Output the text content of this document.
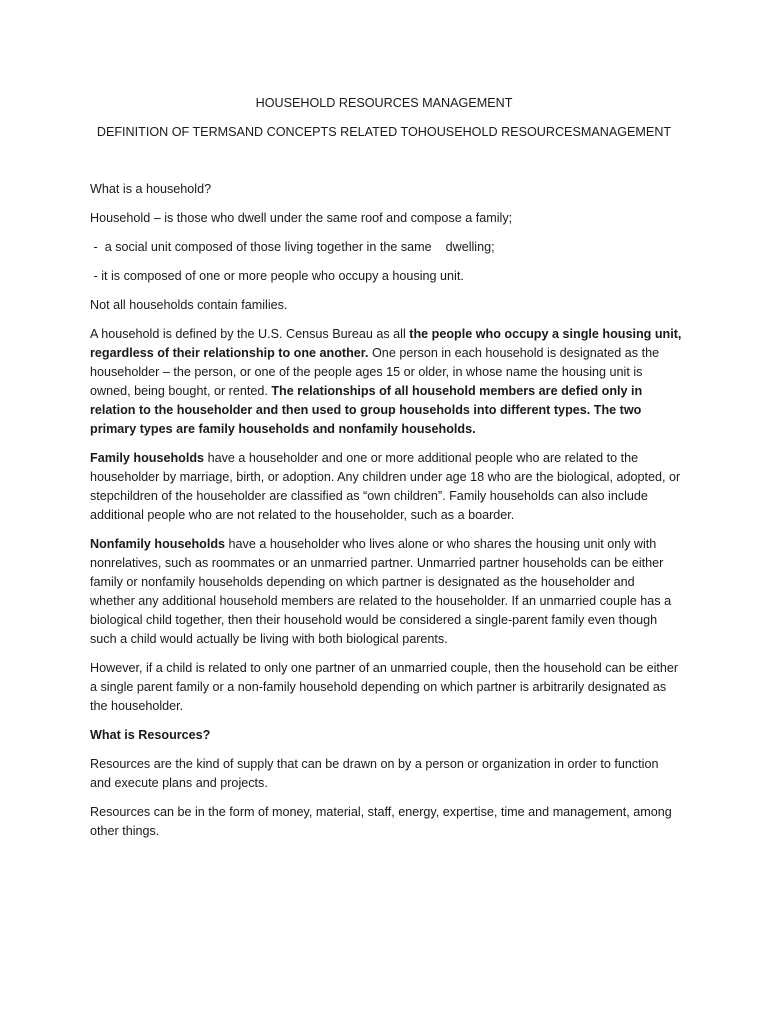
HOUSEHOLD RESOURCES MANAGEMENT
DEFINITION OF TERMSAND CONCEPTS RELATED TOHOUSEHOLD RESOURCESMANAGEMENT

What is a household?

Household – is those who dwell under the same roof and compose a family;

-  a social unit composed of those living together in the same    dwelling;

- it is composed of one or more people who occupy a housing unit.

Not all households contain families.

A household is defined by the U.S. Census Bureau as all the people who occupy a single housing unit, regardless of their relationship to one another. One person in each household is designated as the householder – the person, or one of the people ages 15 or older, in whose name the housing unit is owned, being bought, or rented. The relationships of all household members are defied only in relation to the householder and then used to group households into different types. The two primary types are family households and nonfamily households.

Family households have a householder and one or more additional people who are related to the householder by marriage, birth, or adoption. Any children under age 18 who are the biological, adopted, or stepchildren of the householder are classified as “own children”. Family households can also include additional people who are not related to the householder, such as a boarder.

Nonfamily households have a householder who lives alone or who shares the housing unit only with nonrelatives, such as roommates or an unmarried partner. Unmarried partner households can be either family or nonfamily households depending on which partner is designated as the householder and whether any additional household members are related to the householder. If an unmarried couple has a biological child together, then their household would be considered a single-parent family even though such a child would actually be living with both biological parents.

However, if a child is related to only one partner of an unmarried couple, then the household can be either a single parent family or a non-family household depending on which partner is arbitrarily designated as the householder.

What is Resources?

Resources are the kind of supply that can be drawn on by a person or organization in order to function and execute plans and projects.

Resources can be in the form of money, material, staff, energy, expertise, time and management, among other things.
